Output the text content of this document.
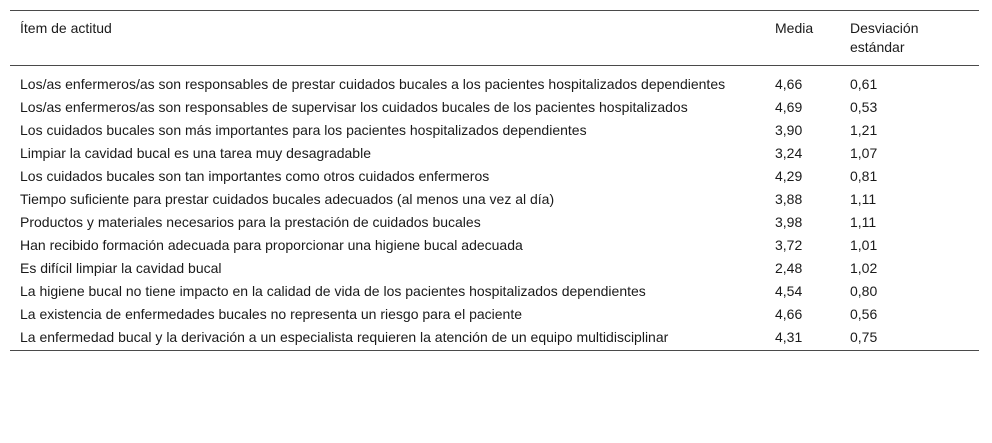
Ítem de actitud	Media	Desviación estándar
Los/as enfermeros/as son responsables de prestar cuidados bucales a los pacientes hospitalizados dependientes	4,66	0,61
Los/as enfermeros/as son responsables de supervisar los cuidados bucales de los pacientes hospitalizados	4,69	0,53
Los cuidados bucales son más importantes para los pacientes hospitalizados dependientes	3,90	1,21
Limpiar la cavidad bucal es una tarea muy desagradable	3,24	1,07
Los cuidados bucales son tan importantes como otros cuidados enfermeros	4,29	0,81
Tiempo suficiente para prestar cuidados bucales adecuados (al menos una vez al día)	3,88	1,11
Productos y materiales necesarios para la prestación de cuidados bucales	3,98	1,11
Han recibido formación adecuada para proporcionar una higiene bucal adecuada	3,72	1,01
Es difícil limpiar la cavidad bucal	2,48	1,02
La higiene bucal no tiene impacto en la calidad de vida de los pacientes hospitalizados dependientes	4,54	0,80
La existencia de enfermedades bucales no representa un riesgo para el paciente	4,66	0,56
La enfermedad bucal y la derivación a un especialista requieren la atención de un equipo multidisciplinar	4,31	0,75
